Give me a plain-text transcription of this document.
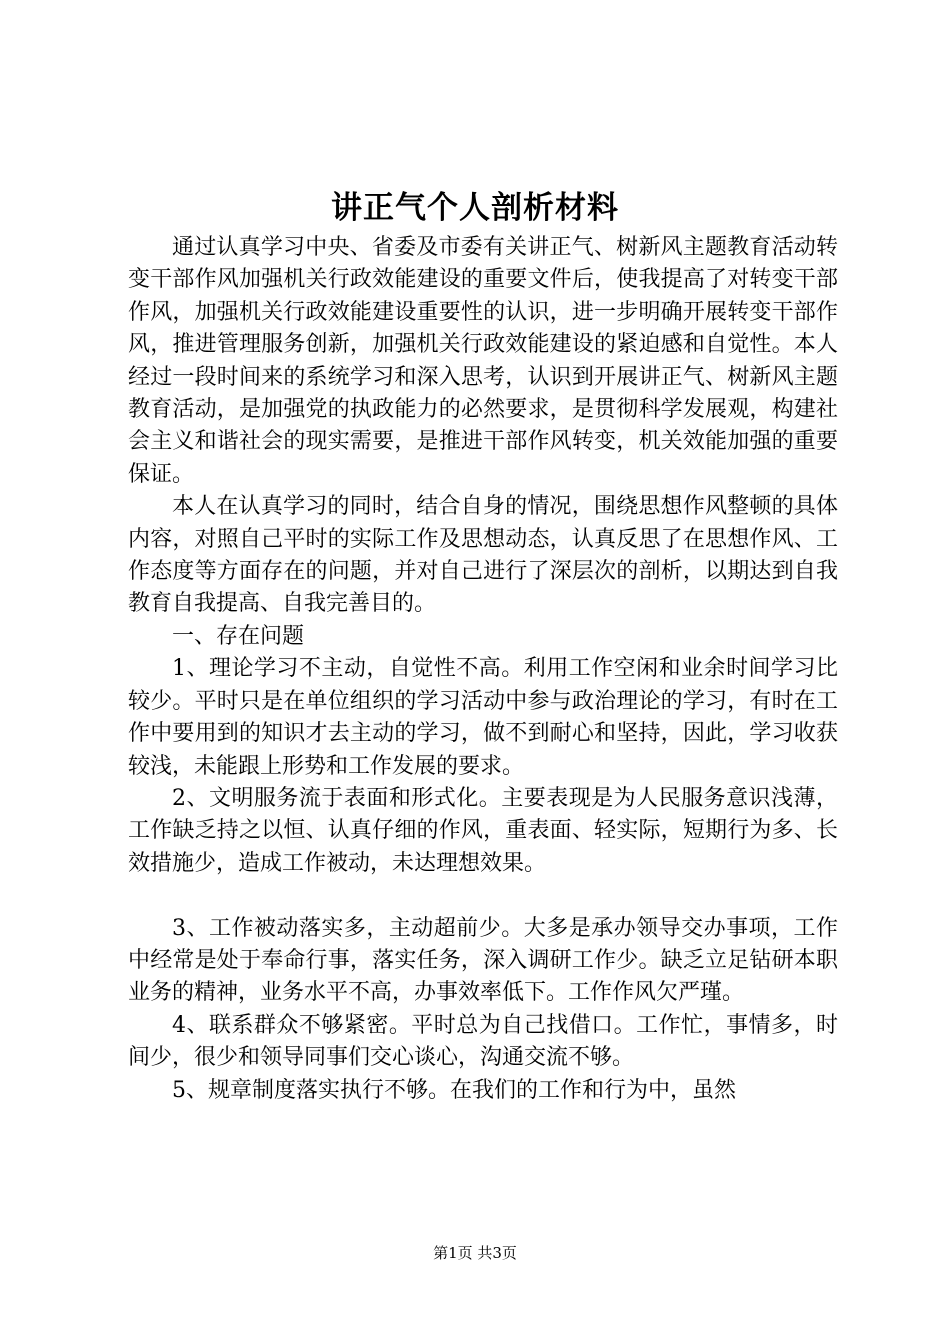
讲正气个人剖析材料

通过认真学习中央、省委及市委有关讲正气、树新风主题教育活动转变干部作风加强机关行政效能建设的重要文件后，使我提高了对转变干部作风，加强机关行政效能建设重要性的认识，进一步明确开展转变干部作风，推进管理服务创新，加强机关行政效能建设的紧迫感和自觉性。本人经过一段时间来的系统学习和深入思考，认识到开展讲正气、树新风主题教育活动，是加强党的执政能力的必然要求，是贯彻科学发展观，构建社会主义和谐社会的现实需要，是推进干部作风转变，机关效能加强的重要保证。

本人在认真学习的同时，结合自身的情况，围绕思想作风整顿的具体内容，对照自己平时的实际工作及思想动态，认真反思了在思想作风、工作态度等方面存在的问题，并对自己进行了深层次的剖析，以期达到自我教育自我提高、自我完善目的。

一、存在问题

1、理论学习不主动，自觉性不高。利用工作空闲和业余时间学习比较少。平时只是在单位组织的学习活动中参与政治理论的学习，有时在工作中要用到的知识才去主动的学习，做不到耐心和坚持，因此，学习收获较浅，未能跟上形势和工作发展的要求。

2、文明服务流于表面和形式化。主要表现是为人民服务意识浅薄，工作缺乏持之以恒、认真仔细的作风，重表面、轻实际，短期行为多、长效措施少，造成工作被动，未达理想效果。

3、工作被动落实多，主动超前少。大多是承办领导交办事项，工作中经常是处于奉命行事，落实任务，深入调研工作少。缺乏立足钻研本职业务的精神，业务水平不高，办事效率低下。工作作风欠严瑾。

4、联系群众不够紧密。平时总为自己找借口。工作忙，事情多，时间少，很少和领导同事们交心谈心，沟通交流不够。

5、规章制度落实执行不够。在我们的工作和行为中，虽然

第1页 共3页
